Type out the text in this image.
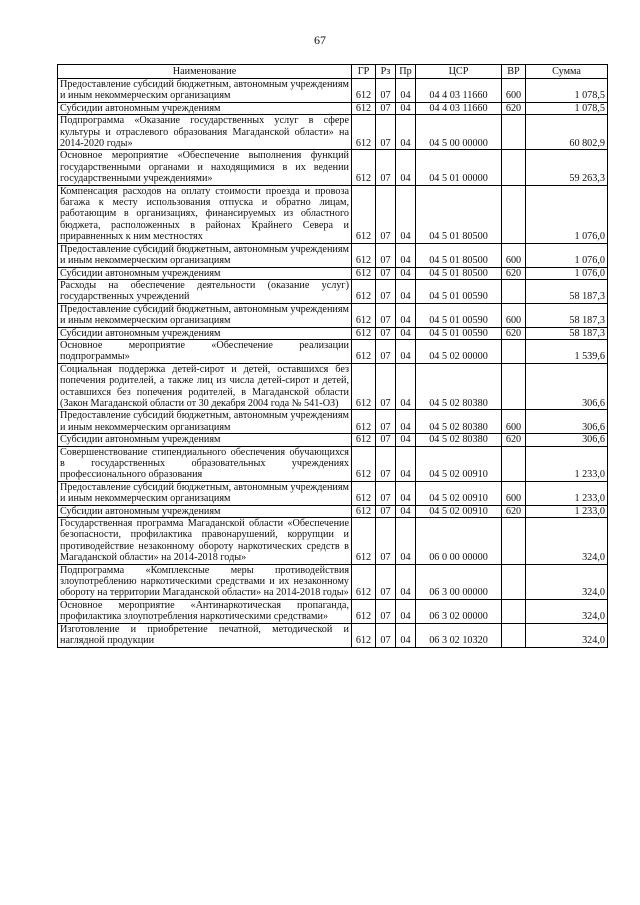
67
Наименование	ГР	Рз	Пр	ЦСР	ВР	Сумма
Предоставление субсидий бюджетным, автономным учреждениям и иным некоммерческим организациям	612	07	04	04 4 03 11660	600	1 078,5
Субсидии автономным учреждениям	612	07	04	04 4 03 11660	620	1 078,5
Подпрограмма «Оказание государственных услуг в сфере культуры и отраслевого образования Магаданской области» на 2014-2020 годы»	612	07	04	04 5 00 00000		60 802,9
Основное мероприятие «Обеспечение выполнения функций государственными органами и находящимися в их ведении государственными учреждениями»	612	07	04	04 5 01 00000		59 263,3
Компенсация расходов на оплату стоимости проезда и провоза багажа к месту использования отпуска и обратно лицам, работающим в организациях, финансируемых из областного бюджета, расположенных в районах Крайнего Севера и приравненных к ним местностях	612	07	04	04 5 01 80500		1 076,0
Предоставление субсидий бюджетным, автономным учреждениям и иным некоммерческим организациям	612	07	04	04 5 01 80500	600	1 076,0
Субсидии автономным учреждениям	612	07	04	04 5 01 80500	620	1 076,0
Расходы на обеспечение деятельности (оказание услуг) государственных учреждений	612	07	04	04 5 01 00590		58 187,3
Предоставление субсидий бюджетным, автономным учреждениям и иным некоммерческим организациям	612	07	04	04 5 01 00590	600	58 187,3
Субсидии автономным учреждениям	612	07	04	04 5 01 00590	620	58 187,3
Основное мероприятие «Обеспечение реализации подпрограммы»	612	07	04	04 5 02 00000		1 539,6
Социальная поддержка детей-сирот и детей, оставшихся без попечения родителей, а также лиц из числа детей-сирот и детей, оставшихся без попечения родителей, в Магаданской области (Закон Магаданской области от 30 декабря 2004 года № 541-ОЗ)	612	07	04	04 5 02 80380		306,6
Предоставление субсидий бюджетным, автономным учреждениям и иным некоммерческим организациям	612	07	04	04 5 02 80380	600	306,6
Субсидии автономным учреждениям	612	07	04	04 5 02 80380	620	306,6
Совершенствование стипендиального обеспечения обучающихся в государственных образовательных учреждениях профессионального образования	612	07	04	04 5 02 00910		1 233,0
Предоставление субсидий бюджетным, автономным учреждениям и иным некоммерческим организациям	612	07	04	04 5 02 00910	600	1 233,0
Субсидии автономным учреждениям	612	07	04	04 5 02 00910	620	1 233,0
Государственная программа Магаданской области «Обеспечение безопасности, профилактика правонарушений, коррупции и противодействие незаконному обороту наркотических средств в Магаданской области» на 2014-2018 годы»	612	07	04	06 0 00 00000		324,0
Подпрограмма «Комплексные меры противодействия злоупотреблению наркотическими средствами и их незаконному обороту на территории Магаданской области» на 2014-2018 годы»	612	07	04	06 3 00 00000		324,0
Основное мероприятие «Антинаркотическая пропаганда, профилактика злоупотребления наркотическими средствами»	612	07	04	06 3 02 00000		324,0
Изготовление и приобретение печатной, методической и наглядной продукции	612	07	04	06 3 02 10320		324,0
